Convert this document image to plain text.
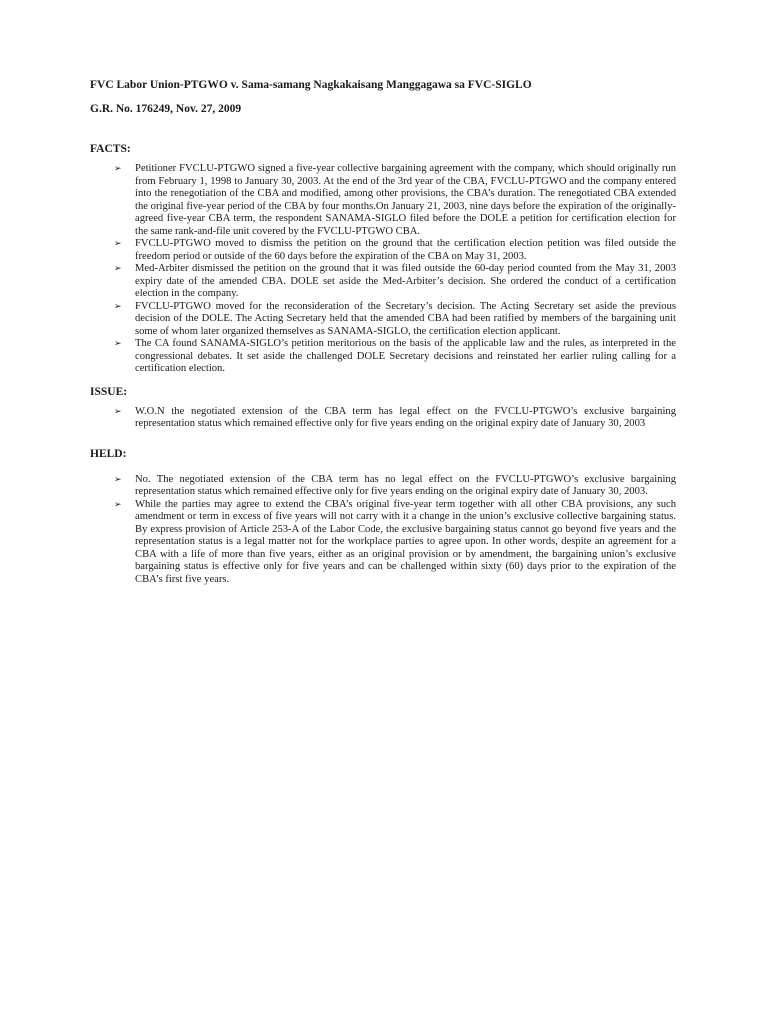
FVC Labor Union-PTGWO v. Sama-samang Nagkakaisang Manggagawa sa FVC-SIGLO
G.R. No. 176249, Nov. 27, 2009
FACTS:
➢ Petitioner FVCLU-PTGWO signed a five-year collective bargaining agreement with the company, which should originally run from February 1, 1998 to January 30, 2003. At the end of the 3rd year of the CBA, FVCLU-PTGWO and the company entered into the renegotiation of the CBA and modified, among other provisions, the CBA’s duration. The renegotiated CBA extended the original five-year period of the CBA by four months.On January 21, 2003, nine days before the expiration of the originally-agreed five-year CBA term, the respondent SANAMA-SIGLO filed before the DOLE a petition for certification election for the same rank-and-file unit covered by the FVCLU-PTGWO CBA.
➢ FVCLU-PTGWO moved to dismiss the petition on the ground that the certification election petition was filed outside the freedom period or outside of the 60 days before the expiration of the CBA on May 31, 2003.
➢ Med-Arbiter dismissed the petition on the ground that it was filed outside the 60-day period counted from the May 31, 2003 expiry date of the amended CBA. DOLE set aside the Med-Arbiter’s decision. She ordered the conduct of a certification election in the company.
➢ FVCLU-PTGWO moved for the reconsideration of the Secretary’s decision. The Acting Secretary set aside the previous decision of the DOLE. The Acting Secretary held that the amended CBA had been ratified by members of the bargaining unit some of whom later organized themselves as SANAMA-SIGLO, the certification election applicant.
➢ The CA found SANAMA-SIGLO’s petition meritorious on the basis of the applicable law and the rules, as interpreted in the congressional debates. It set aside the challenged DOLE Secretary decisions and reinstated her earlier ruling calling for a certification election.
ISSUE:
➢ W.O.N the negotiated extension of the CBA term has legal effect on the FVCLU-PTGWO’s exclusive bargaining representation status which remained effective only for five years ending on the original expiry date of January 30, 2003
HELD:
➢ No. The negotiated extension of the CBA term has no legal effect on the FVCLU-PTGWO’s exclusive bargaining representation status which remained effective only for five years ending on the original expiry date of January 30, 2003.
➢ While the parties may agree to extend the CBA’s original five-year term together with all other CBA provisions, any such amendment or term in excess of five years will not carry with it a change in the union’s exclusive collective bargaining status. By express provision of Article 253-A of the Labor Code, the exclusive bargaining status cannot go beyond five years and the representation status is a legal matter not for the workplace parties to agree upon. In other words, despite an agreement for a CBA with a life of more than five years, either as an original provision or by amendment, the bargaining union’s exclusive bargaining status is effective only for five years and can be challenged within sixty (60) days prior to the expiration of the CBA’s first five years.
